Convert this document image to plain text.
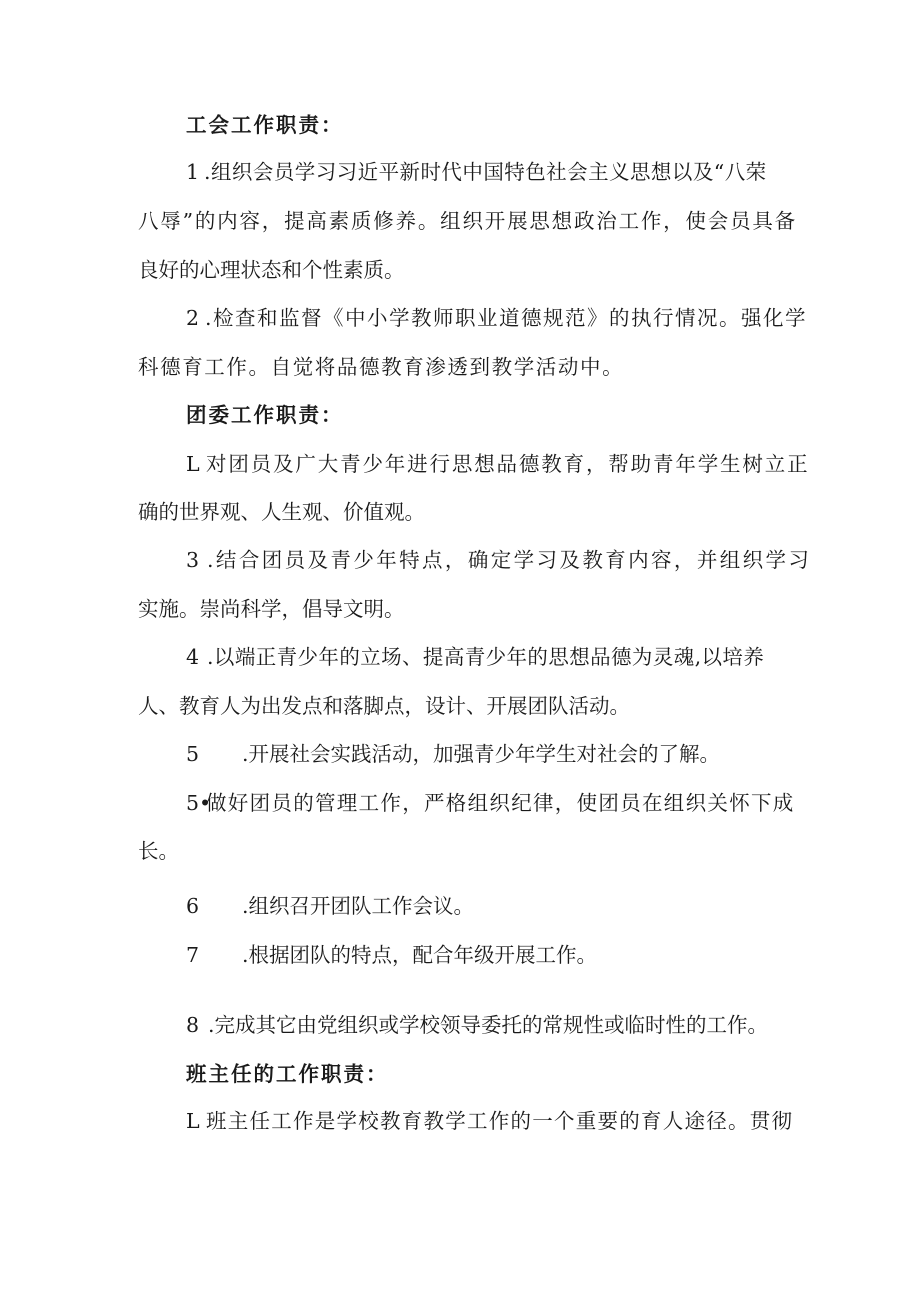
工会工作职责：
1 .组织会员学习习近平新时代中国特色社会主义思想以及“八荣
八辱”的内容，提高素质修养。组织开展思想政治工作，使会员具备
良好的心理状态和个性素质。
2 .检查和监督《中小学教师职业道德规范》的执行情况。强化学
科德育工作。自觉将品德教育渗透到教学活动中。
团委工作职责：
L 对团员及广大青少年进行思想品德教育，帮助青年学生树立正
确的世界观、人生观、价值观。
3 .结合团员及青少年特点，确定学习及教育内容，并组织学习
实施。崇尚科学，倡导文明。
4 .以端正青少年的立场、提高青少年的思想品德为灵魂,以培养
人、教育人为出发点和落脚点，设计、开展团队活动。
5 .开展社会实践活动，加强青少年学生对社会的了解。
5•
做好团员的管理工作，严格组织纪律，使团员在组织关怀下成
长。
6 .组织召开团队工作会议。
7 .根据团队的特点，配合年级开展工作。
8 .完成其它由党组织或学校领导委托的常规性或临时性的工作。
班主任的工作职责：
L 班主任工作是学校教育教学工作的一个重要的育人途径。贯彻
